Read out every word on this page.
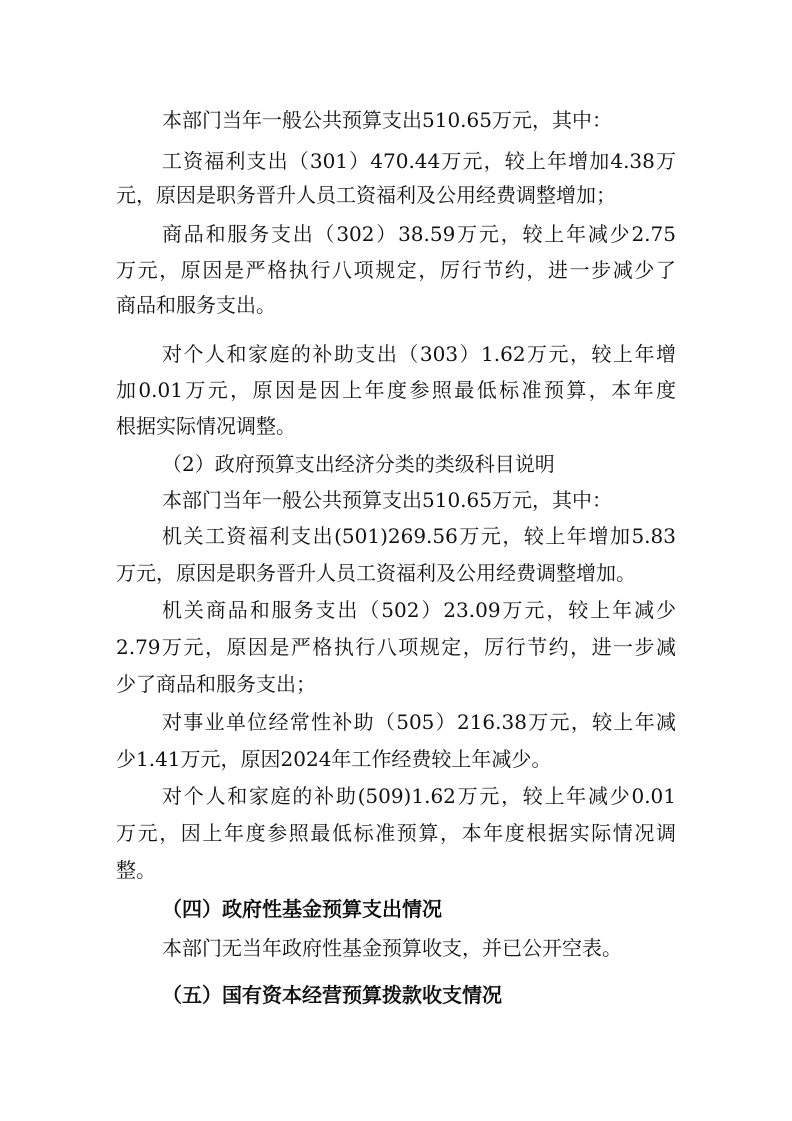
本部门当年一般公共预算支出510.65万元，其中：
工资福利支出（301）470.44万元，较上年增加4.38万
元，原因是职务晋升人员工资福利及公用经费调整增加；
商品和服务支出（302）38.59万元，较上年减少2.75
万元，原因是严格执行八项规定，厉行节约，进一步减少了
商品和服务支出。
对个人和家庭的补助支出（303）1.62万元，较上年增
加0.01万元，原因是因上年度参照最低标准预算，本年度
根据实际情况调整。
（2）政府预算支出经济分类的类级科目说明
本部门当年一般公共预算支出510.65万元，其中：
机关工资福利支出(501)269.56万元，较上年增加5.83
万元，原因是职务晋升人员工资福利及公用经费调整增加。
机关商品和服务支出（502）23.09万元，较上年减少
2.79万元，原因是严格执行八项规定，厉行节约，进一步减
少了商品和服务支出；
对事业单位经常性补助（505）216.38万元，较上年减
少1.41万元，原因2024年工作经费较上年减少。
对个人和家庭的补助(509)1.62万元，较上年减少0.01
万元，因上年度参照最低标准预算，本年度根据实际情况调
整。
（四）政府性基金预算支出情况
本部门无当年政府性基金预算收支，并已公开空表。
（五）国有资本经营预算拨款收支情况
